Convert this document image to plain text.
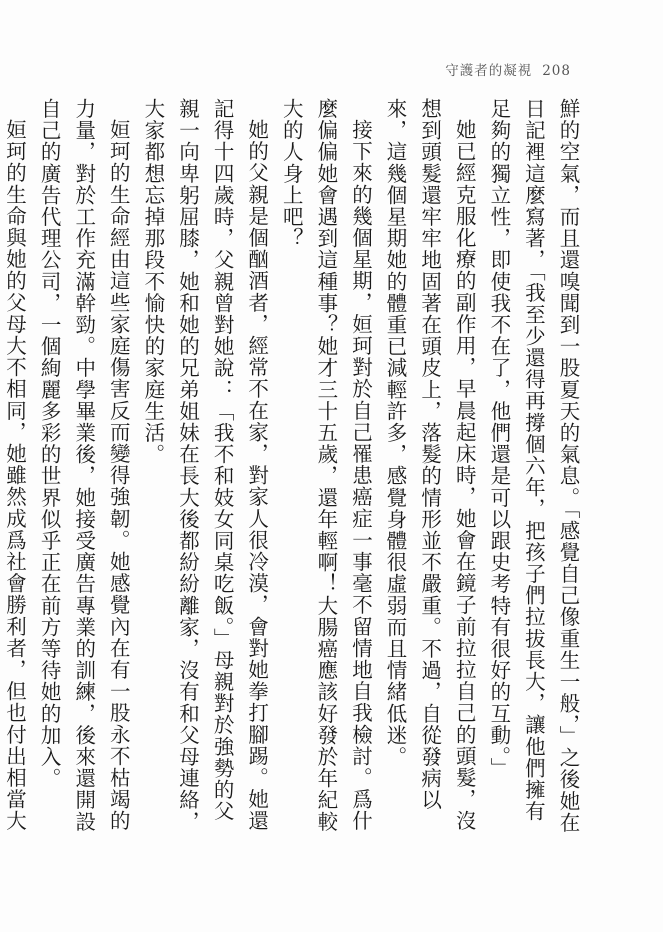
守護者的凝視 208

鮮的空氣，而且還嗅聞到一股夏天的氣息。「感覺自己像重生一般，」之後她在日記裡這麼寫著，「我至少還得再撐個六年，把孩子們拉拔長大，讓他們擁有足夠的獨立性，即使我不在了，他們還是可以跟史考特有很好的互動。」

她已經克服化療的副作用，早晨起床時，她會在鏡子前拉拉自己的頭髮，沒想到頭髮還牢牢地固著在頭皮上，落髮的情形並不嚴重。不過，自從發病以來，這幾個星期她的體重已減輕許多，感覺身體很虛弱而且情緒低迷。

接下來的幾個星期，姮珂對於自己罹患癌症一事毫不留情地自我檢討。爲什麼偏偏她會遇到這種事？她才三十五歲，還年輕啊！大腸癌應該好發於年紀較大的人身上吧？

她的父親是個酗酒者，經常不在家，對家人很冷漠，會對她拳打腳踢。她還記得十四歲時，父親曾對她說：「我不和妓女同桌吃飯。」母親對於強勢的父親一向卑躬屈膝，她和她的兄弟姐妹在長大後都紛紛離家，沒有和父母連絡，大家都想忘掉那段不愉快的家庭生活。

姮珂的生命經由這些家庭傷害反而變得強韌。她感覺內在有一股永不枯竭的力量，對於工作充滿幹勁。中學畢業後，她接受廣告專業的訓練，後來還開設自己的廣告代理公司，一個絢麗多彩的世界似乎正在前方等待她的加入。

姮珂的生命與她的父母大不相同，她雖然成爲社會勝利者，但也付出相當大
